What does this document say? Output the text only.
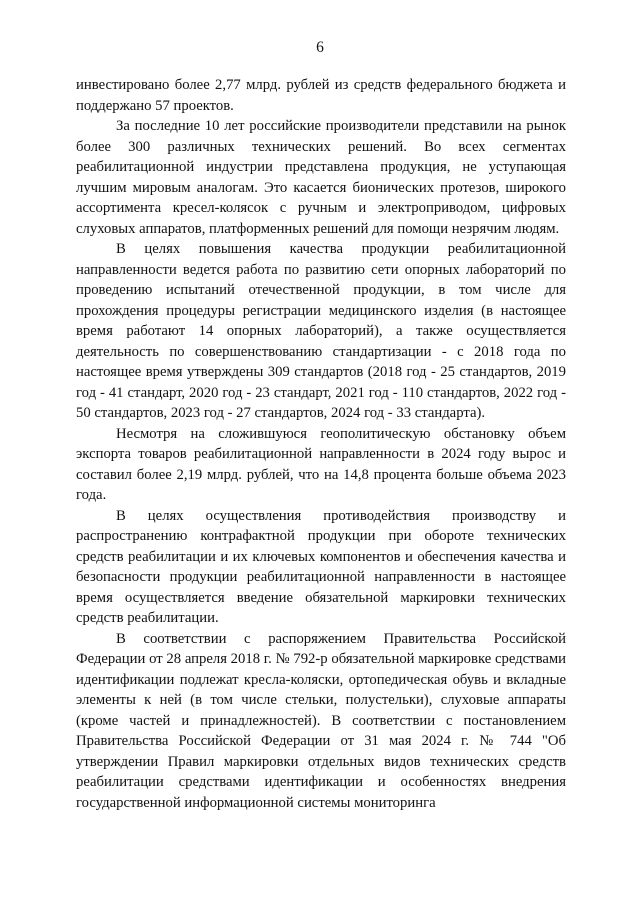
6

инвестировано более 2,77 млрд. рублей из средств федерального бюджета и поддержано 57 проектов.

За последние 10 лет российские производители представили на рынок более 300 различных технических решений. Во всех сегментах реабилитационной индустрии представлена продукция, не уступающая лучшим мировым аналогам. Это касается бионических протезов, широкого ассортимента кресел-колясок с ручным и электроприводом, цифровых слуховых аппаратов, платформенных решений для помощи незрячим людям.

В целях повышения качества продукции реабилитационной направленности ведется работа по развитию сети опорных лабораторий по проведению испытаний отечественной продукции, в том числе для прохождения процедуры регистрации медицинского изделия (в настоящее время работают 14 опорных лабораторий), а также осуществляется деятельность по совершенствованию стандартизации - с 2018 года по настоящее время утверждены 309 стандартов (2018 год - 25 стандартов, 2019 год - 41 стандарт, 2020 год - 23 стандарт, 2021 год - 110 стандартов, 2022 год - 50 стандартов, 2023 год - 27 стандартов, 2024 год - 33 стандарта).

Несмотря на сложившуюся геополитическую обстановку объем экспорта товаров реабилитационной направленности в 2024 году вырос и составил более 2,19 млрд. рублей, что на 14,8 процента больше объема 2023 года.

В целях осуществления противодействия производству и распространению контрафактной продукции при обороте технических средств реабилитации и их ключевых компонентов и обеспечения качества и безопасности продукции реабилитационной направленности в настоящее время осуществляется введение обязательной маркировки технических средств реабилитации.

В соответствии с распоряжением Правительства Российской Федерации от 28 апреля 2018 г. № 792-р обязательной маркировке средствами идентификации подлежат кресла-коляски, ортопедическая обувь и вкладные элементы к ней (в том числе стельки, полустельки), слуховые аппараты (кроме частей и принадлежностей). В соответствии с постановлением Правительства Российской Федерации от 31 мая 2024 г. № 744 "Об утверждении Правил маркировки отдельных видов технических средств реабилитации средствами идентификации и особенностях внедрения государственной информационной системы мониторинга
